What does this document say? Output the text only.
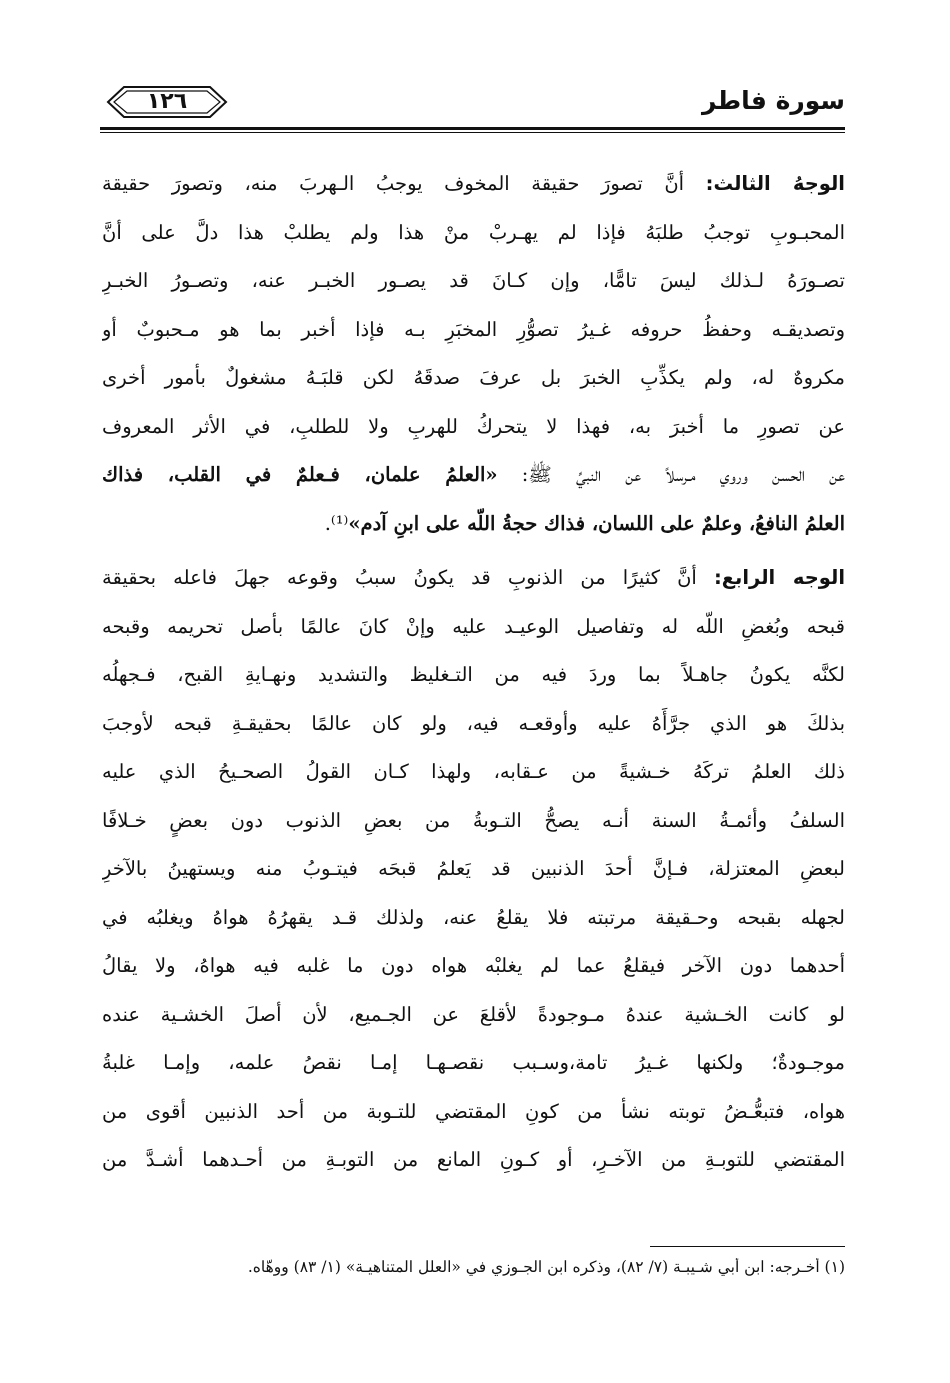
١٢٦	سورة فاطر
الوجهُ الثالث: أنَّ تصورَ حقيقة المخوف يوجبُ الـهربَ منه، وتصورَ حقيقة
المحبـوبِ توجبُ طلبَهُ فإذا لم يهـربْ منْ هذا ولم يطلبْ هذا دلَّ على أنَّ
تصـورَهُ لـذلك ليسَ تامًّا، وإن كـانَ قد يصـور الخبـر عنه، وتصـورُ الخبـرِ
وتصديقـه وحفظُ حروفه غـيرُ تصوُّرِ المخبَرِ بـه فإذا أخبر بما هو مـحبوبٌ أو
مكروهٌ له، ولم يكذِّبِ الخبرَ بل عرفَ صدقَهُ لكن قلبَـهُ مشغولٌ بأمور أخرى
عن تصورِ ما أخبرَ به، فهذا لا يتحركُ للهربِ ولا للطلبِ، في الأثر المعروف
عن الحسن وروي مـرسلاً عن النبيِّ ﷺ: «العلمُ علمان، فـعلمٌ في القلب، فذاك
العلمُ النافعُ، وعلمٌ على اللسان، فذاك حجةُ اللّه على ابنِ آدم»⁽¹⁾.
الوجه الرابع: أنَّ كثيرًا من الذنوبِ قد يكونُ سببُ وقوعه جهلَ فاعله بحقيقة
قبحه وبُغضِ اللّه له وتفاصيل الوعيـد عليه وإنْ كانَ عالمًا بأصل تحريمه وقبحه
لكنَّه يكونُ جاهـلاً بما وردَ فيه من التـغليظ والتشديد ونهـايةِ القبح، فـجهلُه
بذلكَ هو الذي جرَّأَهُ عليه وأوقعـه فيه، ولو كان عالمًا بحقيقـةِ قبحه لأوجبَ
ذلك العلمُ تركَهُ خـشيةً من عـقابه، ولهذا كـان القولُ الصحـيحُ الذي عليه
السلفُ وأئمـةُ السنة أنـه يصحُّ التـوبةُ من بعضِ الذنوب دون بعضٍ خـلافًا
لبعضِ المعتزلة، فـإنَّ أحدَ الذنبين قد يَعلمُ قبحَه فيتـوبُ منه ويستهينُ بالآخرِ
لجهله بقبحه وحـقيقة مرتبته فلا يقلعُ عنه، ولذلك قـد يقهرُهُ هواهُ ويغلبُه في
أحدهما دون الآخر فيقلعُ عما لم يغلبْه هواه دون ما غلبه فيه هواهُ، ولا يقالُ
لو كانت الخـشية عندهُ مـوجودةً لأقلعَ عن الجـميع، لأن أصلَ الخشـية عنده
موجـودةٌ؛ ولكنها غـيرُ تامة،وسـبب نقصـهـا إمـا نقصُ علمه، وإمـا غلبةُ
هواه، فتبعُّـضُ توبته نشأ من كونِ المقتضي للتـوبة من أحد الذنبين أقوى من
المقتضي للتوبـةِ من الآخـرِ، أو كـونِ المانع من التوبـةِ من أحـدهما أشـدَّ من
(١) أخـرجه: ابن أبي شـيبـة (٧/ ٨٢)، وذكره ابن الجـوزي في «العلل المتناهيـة» (١/ ٨٣) ووهّاه.
